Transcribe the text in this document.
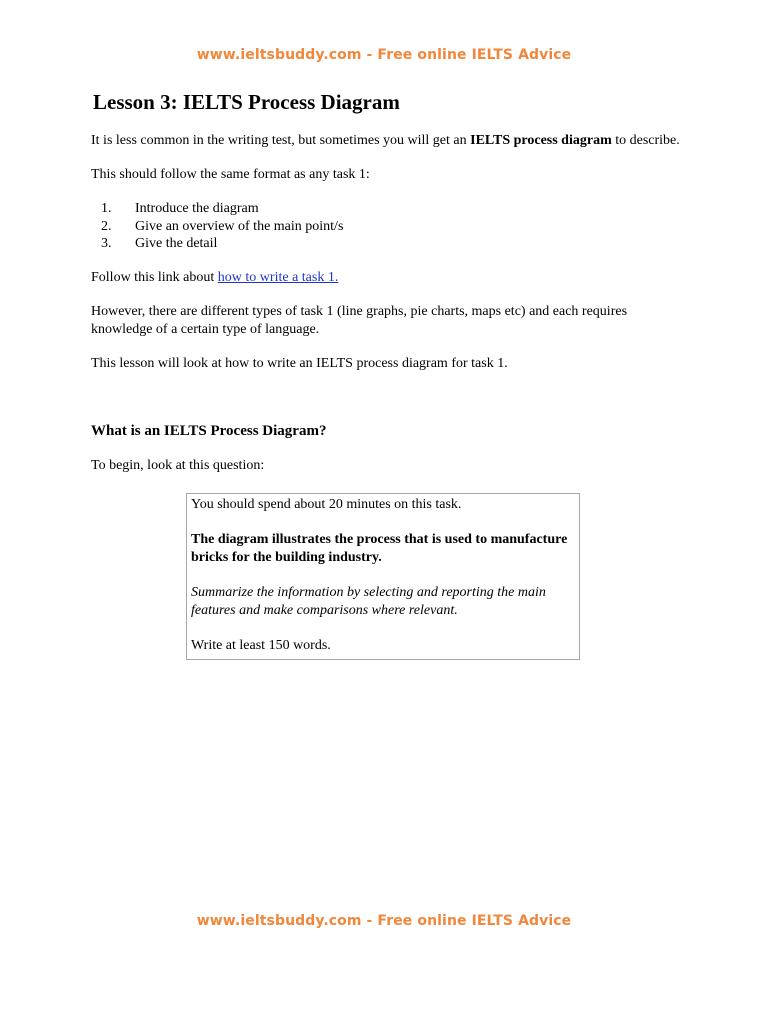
www.ieltsbuddy.com - Free online IELTS Advice
Lesson 3: IELTS Process Diagram

It is less common in the writing test, but sometimes you will get an IELTS process diagram to describe.

This should follow the same format as any task 1:

1. Introduce the diagram
2. Give an overview of the main point/s
3. Give the detail

Follow this link about how to write a task 1.

However, there are different types of task 1 (line graphs, pie charts, maps etc) and each requires knowledge of a certain type of language.

This lesson will look at how to write an IELTS process diagram for task 1.

What is an IELTS Process Diagram?

To begin, look at this question:

You should spend about 20 minutes on this task.

The diagram illustrates the process that is used to manufacture bricks for the building industry.

Summarize the information by selecting and reporting the main features and make comparisons where relevant.

Write at least 150 words.

www.ieltsbuddy.com - Free online IELTS Advice
